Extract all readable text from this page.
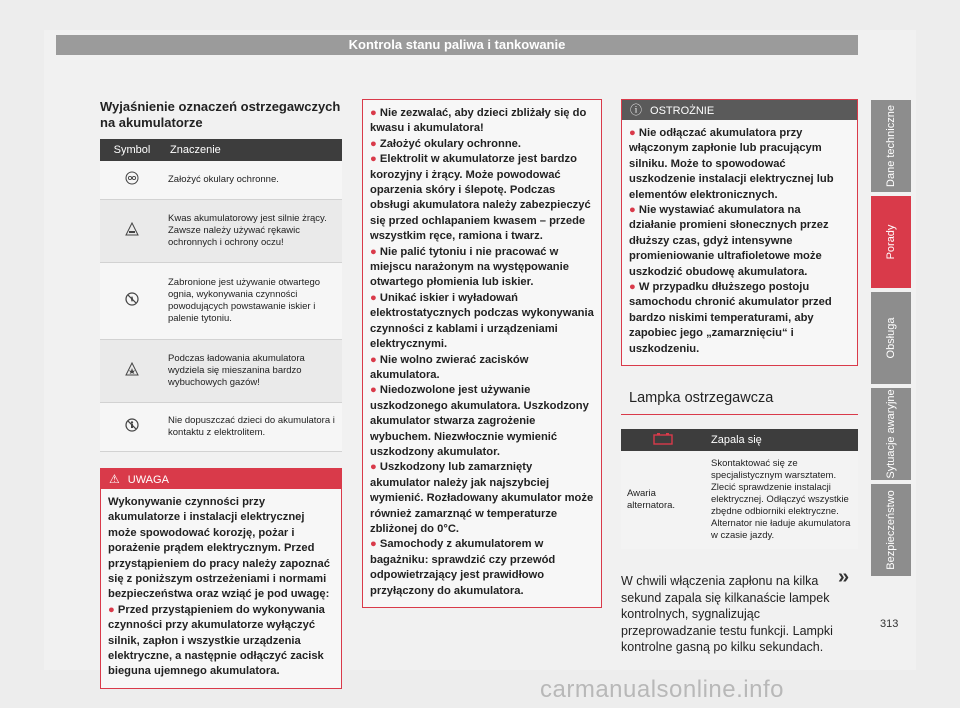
Kontrola stanu paliwa i tankowanie
Wyjaśnienie oznaczeń ostrzegawczych na akumulatorze
Symbol	Znaczenie
	Założyć okulary ochronne.
	Kwas akumulatorowy jest silnie żrący. Zawsze należy używać rękawic ochronnych i ochrony oczu!
	Zabronione jest używanie otwartego ognia, wykonywania czynności powodujących powstawanie iskier i palenie tytoniu.
	Podczas ładowania akumulatora wydziela się mieszanina bardzo wybuchowych gazów!
	Nie dopuszczać dzieci do akumulatora i kontaktu z elektrolitem.
⚠ UWAGA

Wykonywanie czynności przy akumulatorze i instalacji elektrycznej może spowodować korozję, pożar i porażenie prądem elektrycznym. Przed przystąpieniem do pracy należy zapoznać się z poniższym ostrzeżeniami i normami bezpieczeństwa oraz wziąć je pod uwagę:

● Przed przystąpieniem do wykonywania czynności przy akumulatorze wyłączyć silnik, zapłon i wszystkie urządzenia elektryczne, a następnie odłączyć zacisk bieguna ujemnego akumulatora.
● Nie zezwalać, aby dzieci zbliżały się do kwasu i akumulatora!
● Założyć okulary ochronne.
● Elektrolit w akumulatorze jest bardzo korozyjny i żrący. Może powodować oparzenia skóry i ślepotę. Podczas obsługi akumulatora należy zabezpieczyć się przed ochlapaniem kwasem – przede wszystkim ręce, ramiona i twarz.
● Nie palić tytoniu i nie pracować w miejscu narażonym na występowanie otwartego płomienia lub iskier.
● Unikać iskier i wyładowań elektrostatycznych podczas wykonywania czynności z kablami i urządzeniami elektrycznymi.
● Nie wolno zwierać zacisków akumulatora.
● Niedozwolone jest używanie uszkodzonego akumulatora. Uszkodzony akumulator stwarza zagrożenie wybuchem. Niezwłocznie wymienić uszkodzony akumulator.
● Uszkodzony lub zamarznięty akumulator należy jak najszybciej wymienić. Rozładowany akumulator może również zamarznąć w temperaturze zbliżonej do 0°C.
● Samochody z akumulatorem w bagażniku: sprawdzić czy przewód odpowietrzający jest prawidłowo przyłączony do akumulatora.
ⓘ OSTROŻNIE
● Nie odłączać akumulatora przy włączonym zapłonie lub pracującym silniku. Może to spowodować uszkodzenie instalacji elektrycznej lub elementów elektronicznych.
● Nie wystawiać akumulatora na działanie promieni słonecznych przez dłuższy czas, gdyż intensywne promieniowanie ultrafioletowe może uszkodzić obudowę akumulatora.
● W przypadku dłuższego postoju samochodu chronić akumulator przed bardzo niskimi temperaturami, aby zapobiec jego „zamarznięciu“ i uszkodzeniu.
Lampka ostrzegawcza
	Zapala się
Awaria alternatora.	Skontaktować się ze specjalistycznym warsztatem. Zlecić sprawdzenie instalacji elektrycznej. Odłączyć wszystkie zbędne odbiorniki elektryczne. Alternator nie ładuje akumulatora w czasie jazdy.

W chwili włączenia zapłonu na kilka sekund zapala się kilkanaście lampek kontrolnych, sygnalizując przeprowadzanie testu funkcji. Lampki kontrolne gasną po kilku sekundach.

Dane techniczne
Porady
Obsługa
Sytuacje awaryjne
Bezpieczeństwo
»
313
carmanualsonline.info
